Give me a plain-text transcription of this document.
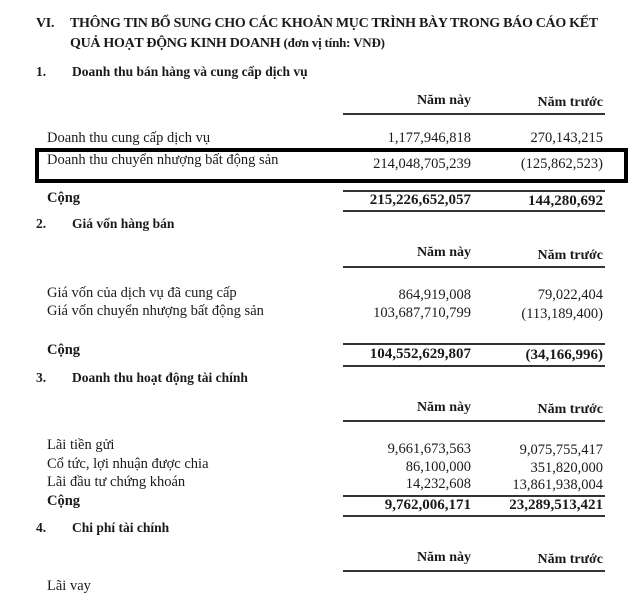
VI. THÔNG TIN BỔ SUNG CHO CÁC KHOẢN MỤC TRÌNH BÀY TRONG BÁO CÁO KẾT
QUẢ HOẠT ĐỘNG KINH DOANH (đơn vị tính: VNĐ)
1. Doanh thu bán hàng và cung cấp dịch vụ
Năm này	Năm trước
Doanh thu cung cấp dịch vụ	1,177,946,818	270,143,215
Doanh thu chuyển nhượng bất động sản	214,048,705,239	(125,862,523)
Cộng	215,226,652,057	144,280,692
2. Giá vốn hàng bán
Năm này	Năm trước
Giá vốn của dịch vụ đã cung cấp	864,919,008	79,022,404
Giá vốn chuyển nhượng bất động sản	103,687,710,799	(113,189,400)
Cộng	104,552,629,807	(34,166,996)
3. Doanh thu hoạt động tài chính
Năm này	Năm trước
Lãi tiền gửi	9,661,673,563	9,075,755,417
Cổ tức, lợi nhuận được chia	86,100,000	351,820,000
Lãi đầu tư chứng khoán	14,232,608	13,861,938,004
Cộng	9,762,006,171	23,289,513,421
4. Chi phí tài chính
Năm này	Năm trước
Lãi vay
